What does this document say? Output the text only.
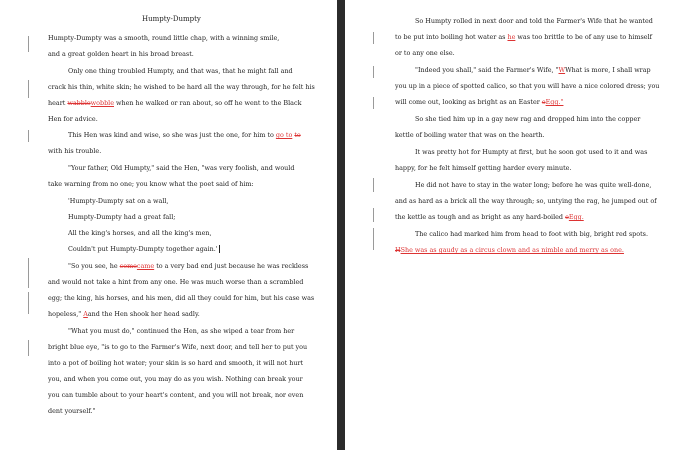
Humpty-Dumpty
Humpty-Dumpty was a smooth, round little chap, with a winning smile,
and a great golden heart in his broad breast.
Only one thing troubled Humpty, and that was, that he might fall and
crack his thin, white skin; he wished to be hard all the way through, for he felt his
heart wabblewobble when he walked or ran about, so off he went to the Black
Hen for advice.
This Hen was kind and wise, so she was just the one, for him to go to to
with his trouble.
"Your father, Old Humpty," said the Hen, "was very foolish, and would
take warning from no one; you know what the poet said of him:
'Humpty-Dumpty sat on a wall,
Humpty-Dumpty had a great fall;
All the king's horses, and all the king's men,
Couldn't put Humpty-Dumpty together again.'
"So you see, he comecame to a very bad end just because he was reckless
and would not take a hint from any one. He was much worse than a scrambled
egg; the king, his horses, and his men, did all they could for him, but his case was
hopeless," Aand the Hen shook her head sadly.
"What you must do," continued the Hen, as she wiped a tear from her
bright blue eye, "is to go to the Farmer's Wife, next door, and tell her to put you
into a pot of boiling hot water; your skin is so hard and smooth, it will not hurt
you, and when you come out, you may do as you wish. Nothing can break your
you can tumble about to your heart's content, and you will not break, nor even
dent yourself."
So Humpty rolled in next door and told the Farmer's Wife that he wanted
to be put into boiling hot water as he was too brittle to be of any use to himself
or to any one else.
"Indeed you shall," said the Farmer's Wife, "WWhat is more, I shall wrap
you up in a piece of spotted calico, so that you will have a nice colored dress; you
will come out, looking as bright as an Easter eEgg."
So she tied him up in a gay new rag and dropped him into the copper
kettle of boiling water that was on the hearth.
It was pretty hot for Humpty at first, but he soon got used to it and was
happy, for he felt himself getting harder every minute.
He did not have to stay in the water long; before he was quite well-done,
and as hard as a brick all the way through; so, untying the rag, he jumped out of
the kettle as tough and as bright as any hard-boiled eEgg.
The calico had marked him from head to foot with big, bright red spots.
HShe was as gaudy as a circus clown and as nimble and merry as one.
